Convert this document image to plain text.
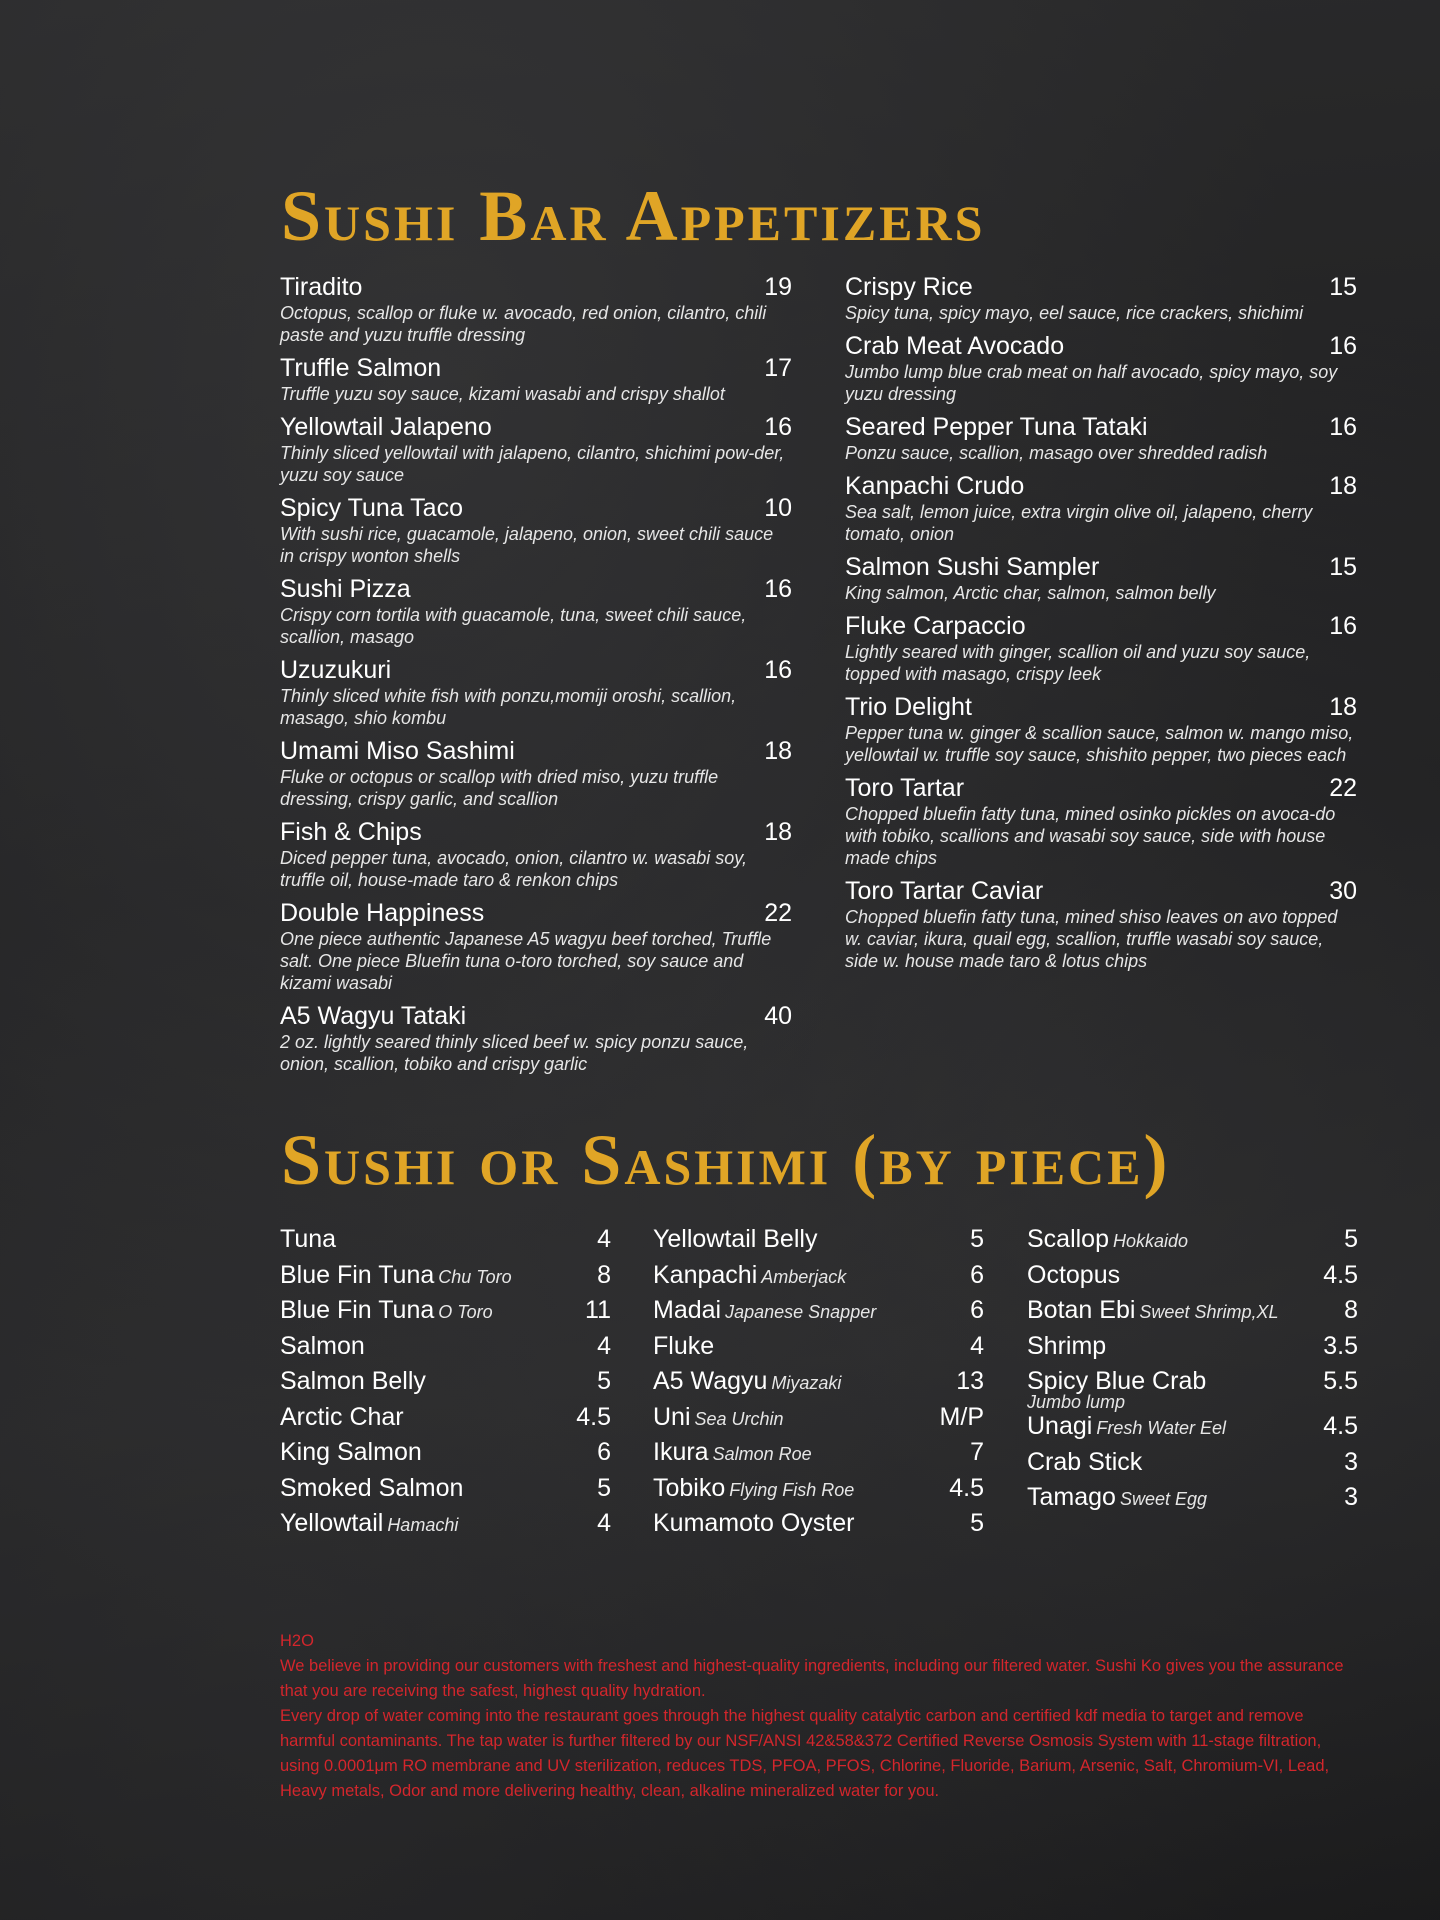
Sushi Bar Appetizers
Tiradito	19
Octopus, scallop or fluke w. avocado, red onion, cilantro, chili paste and yuzu truffle dressing
Truffle Salmon	17
Truffle yuzu soy sauce, kizami wasabi and crispy shallot
Yellowtail Jalapeno	16
Thinly sliced yellowtail with jalapeno, cilantro, shichimi pow-der, yuzu soy sauce
Spicy Tuna Taco	10
With sushi rice, guacamole, jalapeno, onion, sweet chili sauce in crispy wonton shells
Sushi Pizza	16
Crispy corn tortila with guacamole, tuna, sweet chili sauce, scallion, masago
Uzuzukuri	16
Thinly sliced white fish with ponzu,momiji oroshi, scallion, masago, shio kombu
Umami Miso Sashimi	18
Fluke or octopus or scallop with dried miso, yuzu truffle dressing, crispy garlic, and scallion
Fish & Chips	18
Diced pepper tuna, avocado, onion, cilantro w. wasabi soy, truffle oil, house-made taro & renkon chips
Double Happiness	22
One piece authentic Japanese A5 wagyu beef torched, Truffle salt. One piece Bluefin tuna o-toro torched, soy sauce and kizami wasabi
A5 Wagyu Tataki	40
2 oz. lightly seared thinly sliced beef w. spicy ponzu sauce, onion, scallion, tobiko and crispy garlic
Crispy Rice	15
Spicy tuna, spicy mayo, eel sauce, rice crackers, shichimi
Crab Meat Avocado	16
Jumbo lump blue crab meat on half avocado, spicy mayo, soy yuzu dressing
Seared Pepper Tuna Tataki	16
Ponzu sauce, scallion, masago over shredded radish
Kanpachi Crudo	18
Sea salt, lemon juice, extra virgin olive oil, jalapeno, cherry tomato, onion
Salmon Sushi Sampler	15
King salmon, Arctic char, salmon, salmon belly
Fluke Carpaccio	16
Lightly seared with ginger, scallion oil and yuzu soy sauce, topped with masago, crispy leek
Trio Delight	18
Pepper tuna w. ginger & scallion sauce, salmon w. mango miso, yellowtail w. truffle soy sauce, shishito pepper, two pieces each
Toro Tartar	22
Chopped bluefin fatty tuna, mined osinko pickles on avoca-do with tobiko, scallions and wasabi soy sauce, side with house made chips
Toro Tartar Caviar	30
Chopped bluefin fatty tuna, mined shiso leaves on avo topped w. caviar, ikura, quail egg, scallion, truffle wasabi soy sauce, side w. house made taro & lotus chips
Sushi or Sashimi (by piece)
Tuna	4
Blue Fin Tuna Chu Toro	8
Blue Fin Tuna O Toro	11
Salmon	4
Salmon Belly	5
Arctic Char	4.5
King Salmon	6
Smoked Salmon	5
Yellowtail Hamachi	4
Yellowtail Belly	5
Kanpachi Amberjack	6
Madai Japanese Snapper	6
Fluke	4
A5 Wagyu Miyazaki	13
Uni Sea Urchin	M/P
Ikura Salmon Roe	7
Tobiko Flying Fish Roe	4.5
Kumamoto Oyster	5
Scallop Hokkaido	5
Octopus	4.5
Botan Ebi Sweet Shrimp,XL	8
Shrimp	3.5
Spicy Blue Crab	5.5
Jumbo lump
Unagi Fresh Water Eel	4.5
Crab Stick	3
Tamago Sweet Egg	3

H2O

We believe in providing our customers with freshest and highest-quality ingredients, including our filtered water. Sushi Ko gives you the assurance that you are receiving the safest, highest quality hydration.

Every drop of water coming into the restaurant goes through the highest quality catalytic carbon and certified kdf media to target and remove harmful contaminants. The tap water is further filtered by our NSF/ANSI 42&58&372 Certified Reverse Osmosis System with 11-stage filtration, using 0.0001μm RO membrane and UV sterilization, reduces TDS, PFOA, PFOS, Chlorine, Fluoride, Barium, Arsenic, Salt, Chromium-VI, Lead, Heavy metals, Odor and more delivering healthy, clean, alkaline mineralized water for you.
